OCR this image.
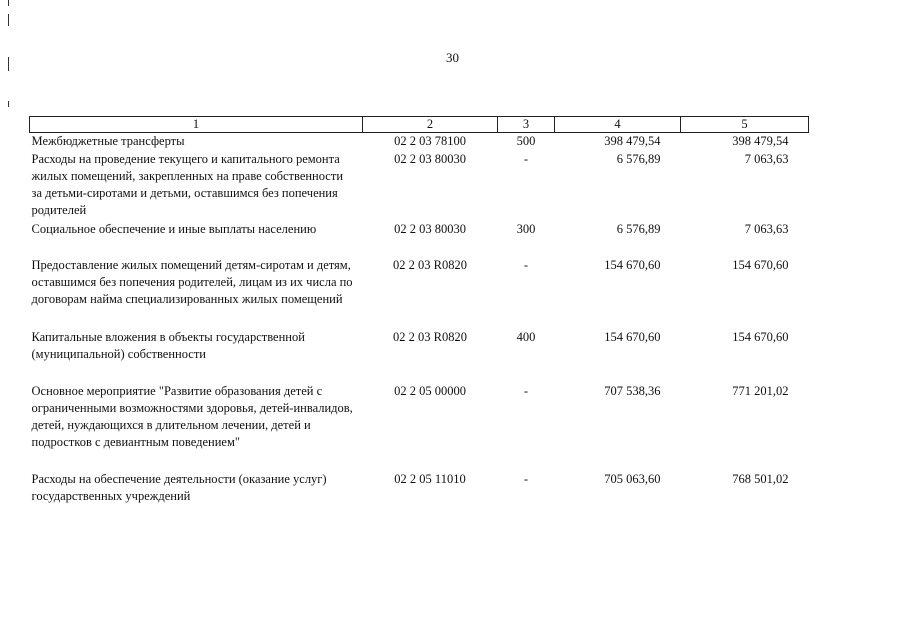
30
1	2	3	4	5
Межбюджетные трансферты	02 2 03 78100	500	398 479,54	398 479,54
Расходы на проведение текущего и капитального ремонта жилых помещений, закрепленных на праве собственности за детьми-сиротами и детьми, оставшимся без попечения родителей	02 2 03 80030	-	6 576,89	7 063,63
Социальное обеспечение и иные выплаты населению	02 2 03 80030	300	6 576,89	7 063,63
Предоставление жилых помещений детям-сиротам и детям, оставшимся без попечения родителей, лицам из их числа по договорам найма специализированных жилых помещений	02 2 03 R0820	-	154 670,60	154 670,60
Капитальные вложения в объекты государственной (муниципальной) собственности	02 2 03 R0820	400	154 670,60	154 670,60
Основное мероприятие "Развитие образования детей с ограниченными возможностями здоровья, детей-инвалидов, детей, нуждающихся в длительном лечении, детей и подростков с девиантным поведением"	02 2 05 00000	-	707 538,36	771 201,02
Расходы на обеспечение деятельности (оказание услуг) государственных учреждений	02 2 05 11010	-	705 063,60	768 501,02
